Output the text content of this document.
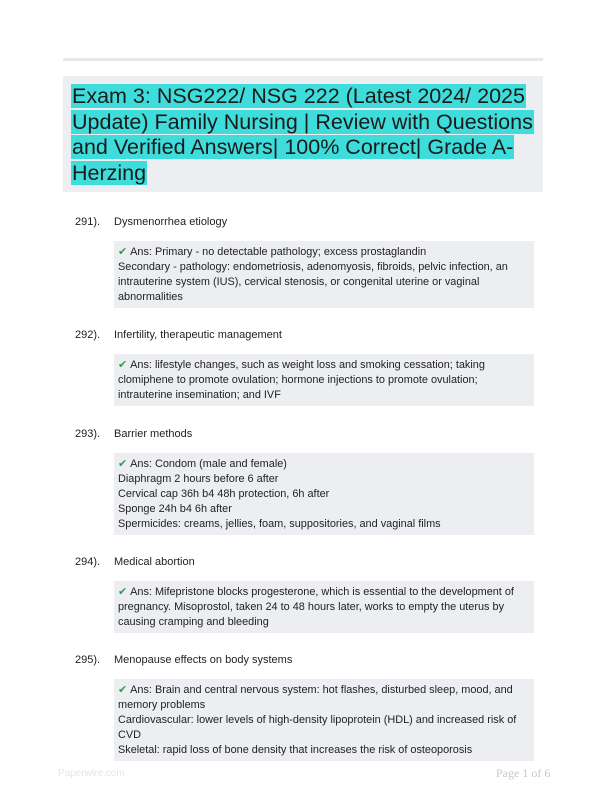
Exam 3: NSG222/ NSG 222 (Latest 2024/ 2025 Update) Family Nursing | Review with Questions and Verified Answers| 100% Correct| Grade A- Herzing
291). Dysmenorrhea etiology
✔ Ans: Primary - no detectable pathology; excess prostaglandin
Secondary - pathology: endometriosis, adenomyosis, fibroids, pelvic infection, an intrauterine system (IUS), cervical stenosis, or congenital uterine or vaginal abnormalities
292). Infertility, therapeutic management
✔ Ans: lifestyle changes, such as weight loss and smoking cessation; taking clomiphene to promote ovulation; hormone injections to promote ovulation; intrauterine insemination; and IVF
293). Barrier methods
✔ Ans: Condom (male and female)
Diaphragm 2 hours before 6 after
Cervical cap 36h b4 48h protection, 6h after
Sponge 24h b4 6h after
Spermicides: creams, jellies, foam, suppositories, and vaginal films
294). Medical abortion
✔ Ans: Mifepristone blocks progesterone, which is essential to the development of pregnancy. Misoprostol, taken 24 to 48 hours later, works to empty the uterus by causing cramping and bleeding
295). Menopause effects on body systems
✔ Ans: Brain and central nervous system: hot flashes, disturbed sleep, mood, and memory problems
Cardiovascular: lower levels of high-density lipoprotein (HDL) and increased risk of CVD
Skeletal: rapid loss of bone density that increases the risk of osteoporosis
Paperwire.com	Page 1 of 6
